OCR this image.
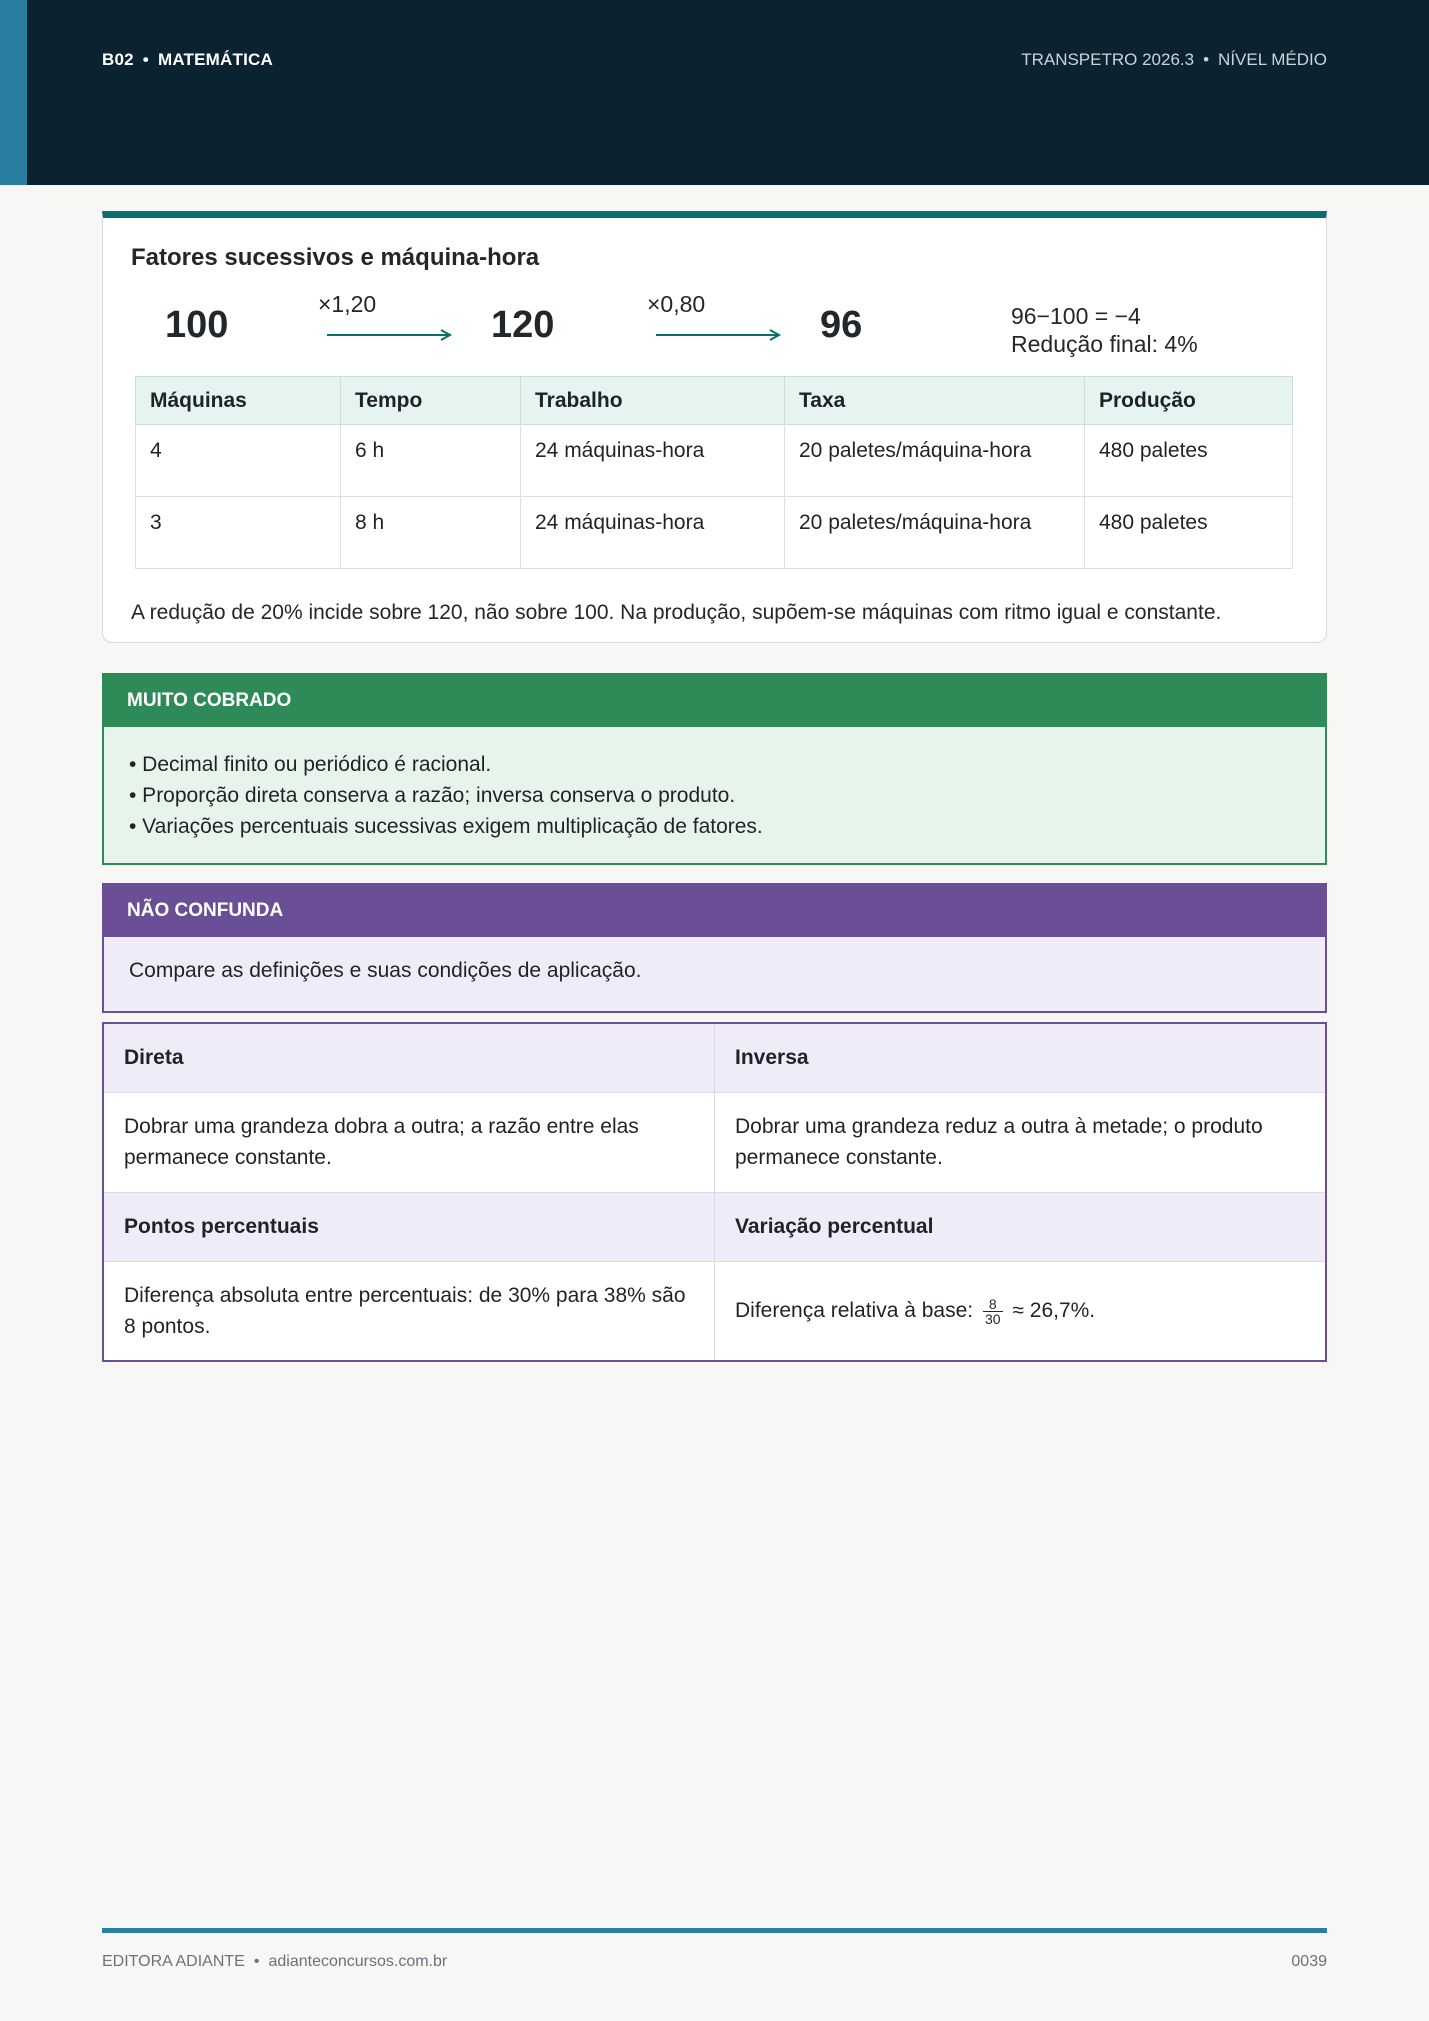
B02 • MATEMÁTICA	TRANSPETRO 2026.3 • NÍVEL MÉDIO
Fatores sucessivos e máquina-hora
100	×1,20	120	×0,80	96	96−100 = −4
Redução final: 4%
Máquinas	Tempo	Trabalho	Taxa	Produção
4	6 h	24 máquinas-hora	20 paletes/máquina-hora	480 paletes
3	8 h	24 máquinas-hora	20 paletes/máquina-hora	480 paletes
A redução de 20% incide sobre 120, não sobre 100. Na produção, supõem-se máquinas com ritmo igual e constante.
MUITO COBRADO
• Decimal finito ou periódico é racional.
• Proporção direta conserva a razão; inversa conserva o produto.
• Variações percentuais sucessivas exigem multiplicação de fatores.
NÃO CONFUNDA
Compare as definições e suas condições de aplicação.
Direta	Inversa
Dobrar uma grandeza dobra a outra; a razão entre elas permanece constante.	Dobrar uma grandeza reduz a outra à metade; o produto permanece constante.
Pontos percentuais	Variação percentual
Diferença absoluta entre percentuais: de 30% para 38% são 8 pontos.	Diferença relativa à base: $\frac{8}{30} \approx 26,7\%$.
EDITORA ADIANTE • adianteconcursos.com.br	0039
